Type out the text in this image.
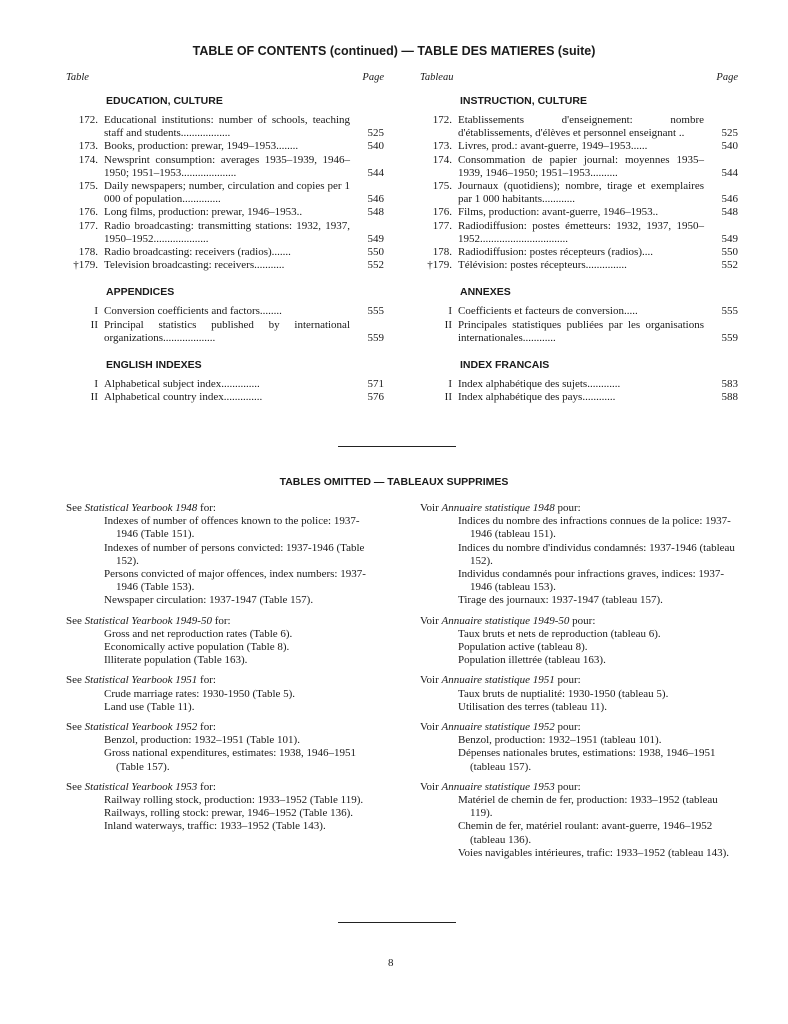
TABLE OF CONTENTS (continued) — TABLE DES MATIERES (suite)
Table	Page
EDUCATION, CULTURE
172. Educational institutions: number of schools, teaching staff and students..................	525
173. Books, production: prewar, 1949–1953........	540
174. Newsprint consumption: averages 1935–1939, 1946–1950; 1951–1953....................	544
175. Daily newspapers; number, circulation and copies per 1 000 of population..............	546
176. Long films, production: prewar, 1946–1953..	548
177. Radio broadcasting: transmitting stations: 1932, 1937, 1950–1952....................	549
178. Radio broadcasting: receivers (radios).......	550
†179. Television broadcasting: receivers...........	552
APPENDICES
I Conversion coefficients and factors........	555
II Principal statistics published by international organizations...................	559
ENGLISH INDEXES
I Alphabetical subject index..............	571
II Alphabetical country index..............	576
Tableau	Page
INSTRUCTION, CULTURE
172. Etablissements d'enseignement: nombre d'établissements, d'élèves et personnel enseignant ..	525
173. Livres, prod.: avant-guerre, 1949–1953......	540
174. Consommation de papier journal: moyennes 1935–1939, 1946–1950; 1951–1953..........	544
175. Journaux (quotidiens); nombre, tirage et exemplaires par 1 000 habitants............	546
176. Films, production: avant-guerre, 1946–1953..	548
177. Radiodiffusion: postes émetteurs: 1932, 1937, 1950–1952................................	549
178. Radiodiffusion: postes récepteurs (radios)....	550
†179. Télévision: postes récepteurs...............	552
ANNEXES
I Coefficients et facteurs de conversion.....	555
II Principales statistiques publiées par les organisations internationales............	559
INDEX FRANCAIS
I Index alphabétique des sujets............	583
II Index alphabétique des pays............	588
TABLES OMITTED — TABLEAUX SUPPRIMES
See Statistical Yearbook 1948 for:
Indexes of number of offences known to the police: 1937-1946 (Table 151).
Indexes of number of persons convicted: 1937-1946 (Table 152).
Persons convicted of major offences, index numbers: 1937-1946 (Table 153).
Newspaper circulation: 1937-1947 (Table 157).
See Statistical Yearbook 1949-50 for:
Gross and net reproduction rates (Table 6).
Economically active population (Table 8).
Illiterate population (Table 163).
See Statistical Yearbook 1951 for:
Crude marriage rates: 1930-1950 (Table 5).
Land use (Table 11).
See Statistical Yearbook 1952 for:
Benzol, production: 1932–1951 (Table 101).
Gross national expenditures, estimates: 1938, 1946–1951 (Table 157).
See Statistical Yearbook 1953 for:
Railway rolling stock, production: 1933–1952 (Table 119).
Railways, rolling stock: prewar, 1946–1952 (Table 136).
Inland waterways, traffic: 1933–1952 (Table 143).
Voir Annuaire statistique 1948 pour:
Indices du nombre des infractions connues de la police: 1937-1946 (tableau 151).
Indices du nombre d'individus condamnés: 1937-1946 (tableau 152).
Individus condamnés pour infractions graves, indices: 1937-1946 (tableau 153).
Tirage des journaux: 1937-1947 (tableau 157).
Voir Annuaire statistique 1949-50 pour:
Taux bruts et nets de reproduction (tableau 6).
Population active (tableau 8).
Population illettrée (tableau 163).
Voir Annuaire statistique 1951 pour:
Taux bruts de nuptialité: 1930-1950 (tableau 5).
Utilisation des terres (tableau 11).
Voir Annuaire statistique 1952 pour:
Benzol, production: 1932–1951 (tableau 101).
Dépenses nationales brutes, estimations: 1938, 1946–1951 (tableau 157).
Voir Annuaire statistique 1953 pour:
Matériel de chemin de fer, production: 1933–1952 (tableau 119).
Chemin de fer, matériel roulant: avant-guerre, 1946–1952 (tableau 136).
Voies navigables intérieures, trafic: 1933–1952 (tableau 143).
8
